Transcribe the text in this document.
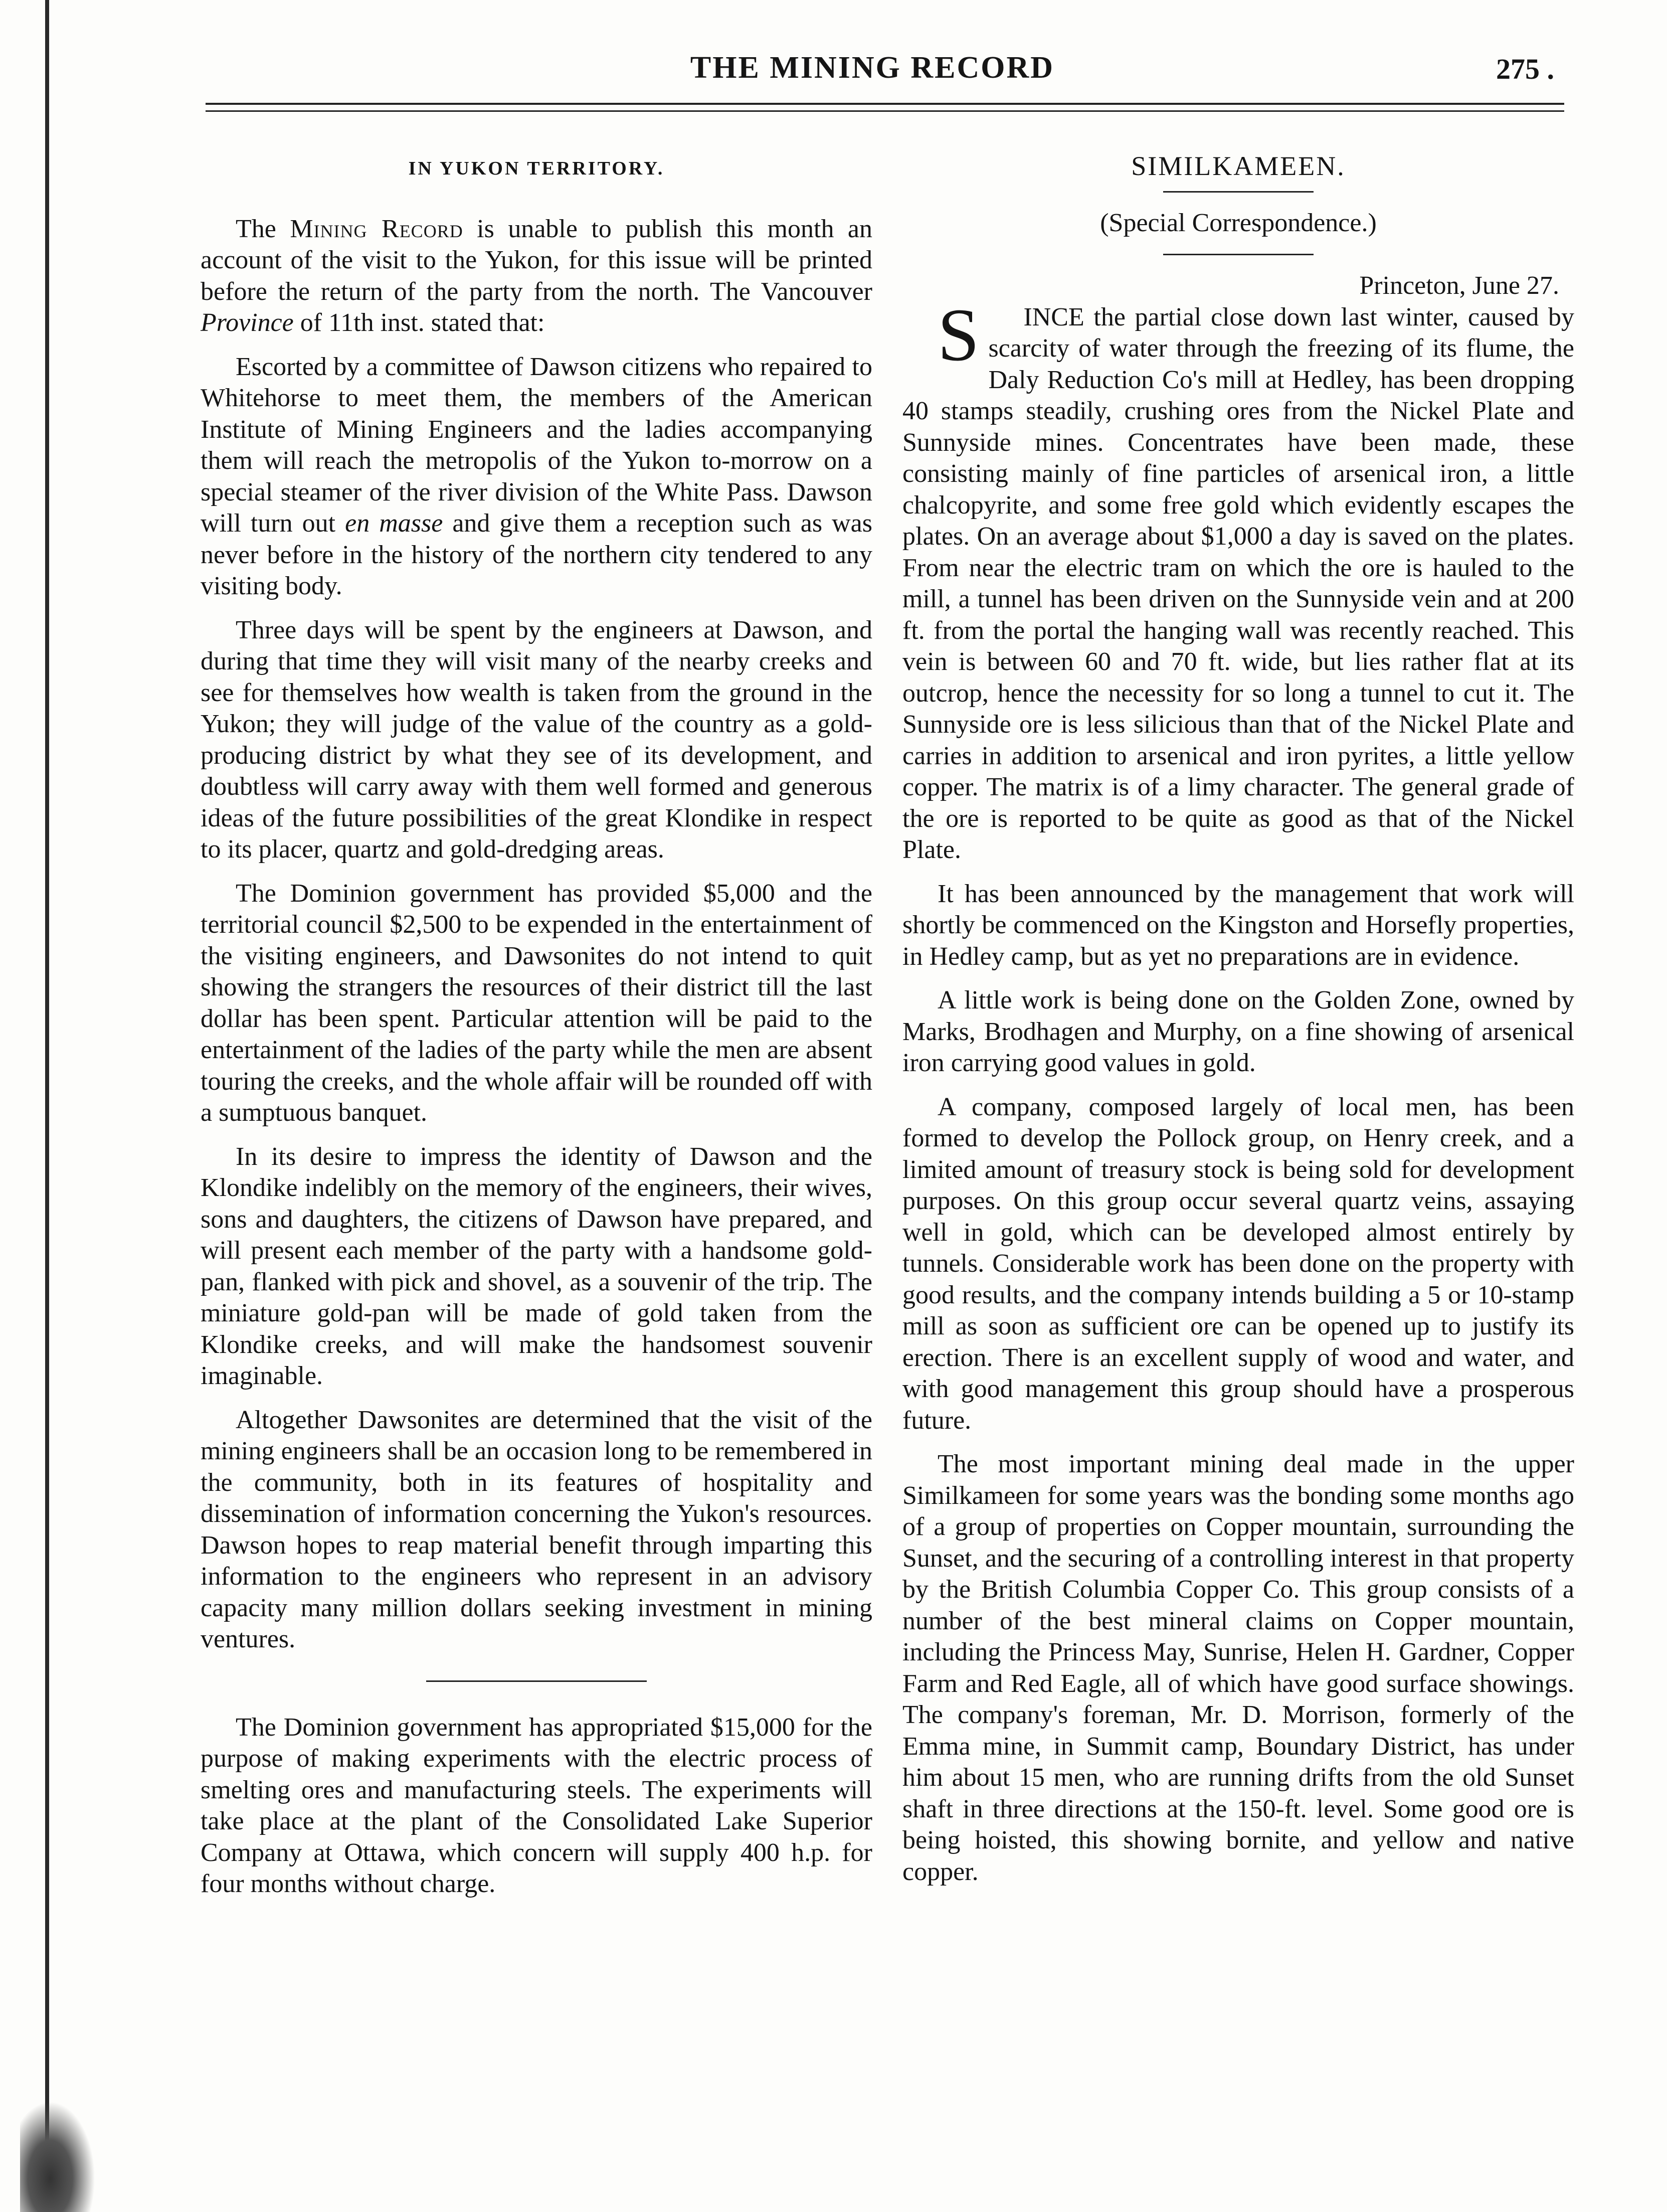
THE MINING RECORD	275 .
IN YUKON TERRITORY.

The Mining Record is unable to publish this month an account of the visit to the Yukon, for this issue will be printed before the return of the party from the north. The Vancouver Province of 11th inst. stated that:

Escorted by a committee of Dawson citizens who repaired to Whitehorse to meet them, the members of the American Institute of Mining Engineers and the ladies accompanying them will reach the metropolis of the Yukon to-morrow on a special steamer of the river division of the White Pass. Dawson will turn out en masse and give them a reception such as was never before in the history of the northern city tendered to any visiting body.

Three days will be spent by the engineers at Dawson, and during that time they will visit many of the nearby creeks and see for themselves how wealth is taken from the ground in the Yukon; they will judge of the value of the country as a gold-producing district by what they see of its development, and doubtless will carry away with them well formed and generous ideas of the future possibilities of the great Klondike in respect to its placer, quartz and gold-dredging areas.

The Dominion government has provided $5,000 and the territorial council $2,500 to be expended in the entertainment of the visiting engineers, and Dawsonites do not intend to quit showing the strangers the resources of their district till the last dollar has been spent. Particular attention will be paid to the entertainment of the ladies of the party while the men are absent touring the creeks, and the whole affair will be rounded off with a sumptuous banquet.

In its desire to impress the identity of Dawson and the Klondike indelibly on the memory of the engineers, their wives, sons and daughters, the citizens of Dawson have prepared, and will present each member of the party with a handsome gold-pan, flanked with pick and shovel, as a souvenir of the trip. The miniature gold-pan will be made of gold taken from the Klondike creeks, and will make the handsomest souvenir imaginable.

Altogether Dawsonites are determined that the visit of the mining engineers shall be an occasion long to be remembered in the community, both in its features of hospitality and dissemination of information concerning the Yukon's resources. Dawson hopes to reap material benefit through imparting this information to the engineers who represent in an advisory capacity many million dollars seeking investment in mining ventures.

The Dominion government has appropriated $15,000 for the purpose of making experiments with the electric process of smelting ores and manufacturing steels. The experiments will take place at the plant of the Consolidated Lake Superior Company at Ottawa, which concern will supply 400 h.p. for four months without charge.

SIMILKAMEEN.
(Special Correspondence.)
Princeton, June 27.

S INCE the partial close down last winter, caused by scarcity of water through the freezing of its flume, the Daly Reduction Co's mill at Hedley, has been dropping 40 stamps steadily, crushing ores from the Nickel Plate and Sunnyside mines. Concentrates have been made, these consisting mainly of fine particles of arsenical iron, a little chalcopyrite, and some free gold which evidently escapes the plates. On an average about $1,000 a day is saved on the plates. From near the electric tram on which the ore is hauled to the mill, a tunnel has been driven on the Sunnyside vein and at 200 ft. from the portal the hanging wall was recently reached. This vein is between 60 and 70 ft. wide, but lies rather flat at its outcrop, hence the necessity for so long a tunnel to cut it. The Sunnyside ore is less silicious than that of the Nickel Plate and carries in addition to arsenical and iron pyrites, a little yellow copper. The matrix is of a limy character. The general grade of the ore is reported to be quite as good as that of the Nickel Plate.

It has been announced by the management that work will shortly be commenced on the Kingston and Horsefly properties, in Hedley camp, but as yet no preparations are in evidence.

A little work is being done on the Golden Zone, owned by Marks, Brodhagen and Murphy, on a fine showing of arsenical iron carrying good values in gold.

A company, composed largely of local men, has been formed to develop the Pollock group, on Henry creek, and a limited amount of treasury stock is being sold for development purposes. On this group occur several quartz veins, assaying well in gold, which can be developed almost entirely by tunnels. Considerable work has been done on the property with good results, and the company intends building a 5 or 10-stamp mill as soon as sufficient ore can be opened up to justify its erection. There is an excellent supply of wood and water, and with good management this group should have a prosperous future.

The most important mining deal made in the upper Similkameen for some years was the bonding some months ago of a group of properties on Copper mountain, surrounding the Sunset, and the securing of a controlling interest in that property by the British Columbia Copper Co. This group consists of a number of the best mineral claims on Copper mountain, including the Princess May, Sunrise, Helen H. Gardner, Copper Farm and Red Eagle, all of which have good surface showings. The company's foreman, Mr. D. Morrison, formerly of the Emma mine, in Summit camp, Boundary District, has under him about 15 men, who are running drifts from the old Sunset shaft in three directions at the 150-ft. level. Some good ore is being hoisted, this showing bornite, and yellow and native copper.
